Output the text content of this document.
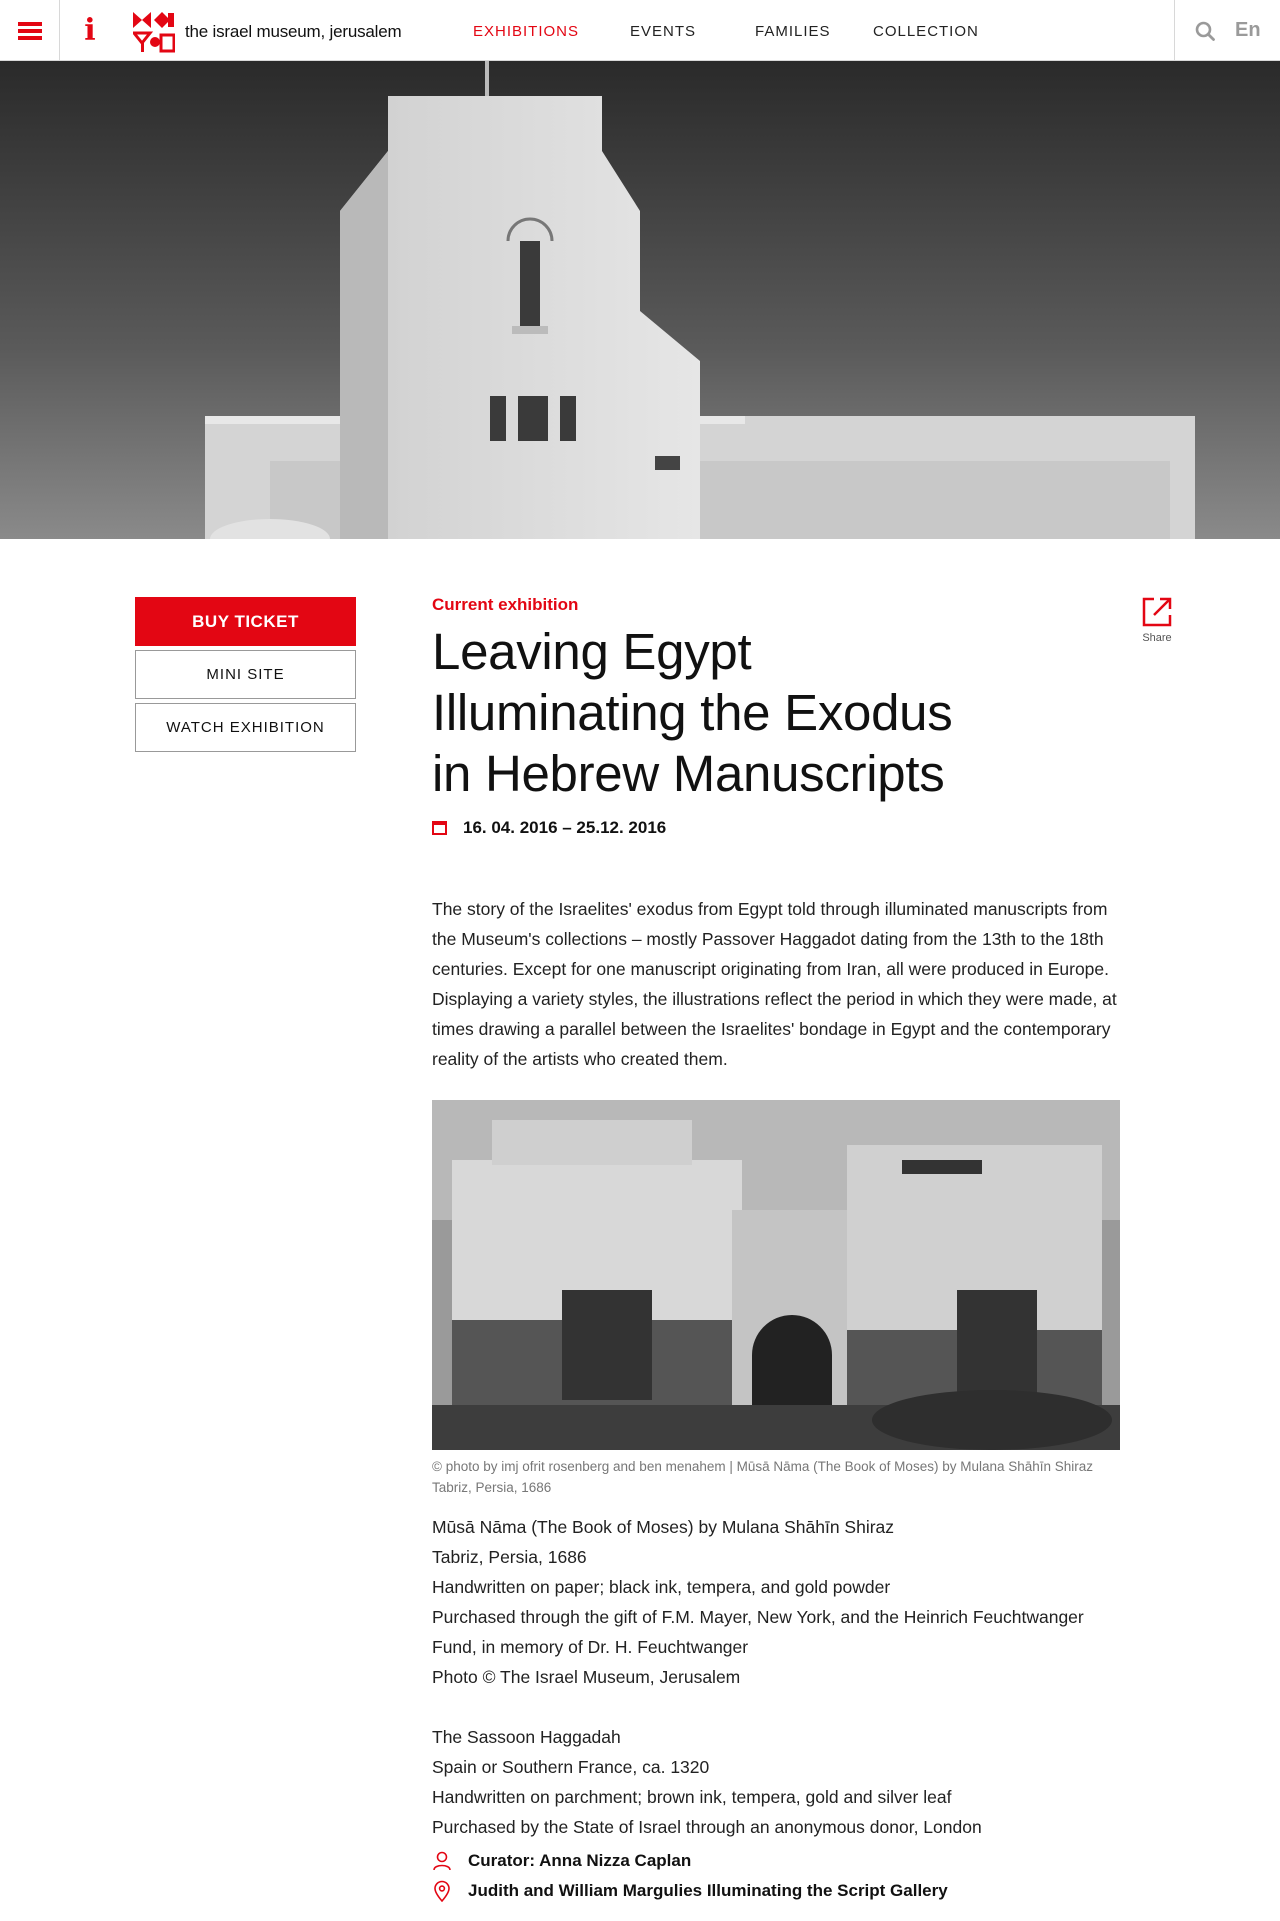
i	the israel museum, jerusalem	EXHIBITIONS	EVENTS	FAMILIES	COLLECTION	En
BUY TICKET
MINI SITE
WATCH EXHIBITION
Share
Current exhibition
Leaving Egypt
Illuminating the Exodus
in Hebrew Manuscripts
16. 04. 2016 – 25.12. 2016

The story of the Israelites' exodus from Egypt told through illuminated manuscripts from the Museum's collections – mostly Passover Haggadot dating from the 13th to the 18th centuries. Except for one manuscript originating from Iran, all were produced in Europe. Displaying a variety styles, the illustrations reflect the period in which they were made, at times drawing a parallel between the Israelites' bondage in Egypt and the contemporary reality of the artists who created them.

© photo by imj ofrit rosenberg and ben menahem | Mūsā Nāma (The Book of Moses) by Mulana Shāhīn Shiraz Tabriz, Persia, 1686

Mūsā Nāma (The Book of Moses) by Mulana Shāhīn Shiraz

Tabriz, Persia, 1686

Handwritten on paper; black ink, tempera, and gold powder

Purchased through the gift of F.M. Mayer, New York, and the Heinrich Feuchtwanger Fund, in memory of Dr. H. Feuchtwanger

Photo © The Israel Museum, Jerusalem

The Sassoon Haggadah

Spain or Southern France, ca. 1320

Handwritten on parchment; brown ink, tempera, gold and silver leaf

Purchased by the State of Israel through an anonymous donor, London

Curator: Anna Nizza Caplan
Judith and William Margulies Illuminating the Script Gallery
